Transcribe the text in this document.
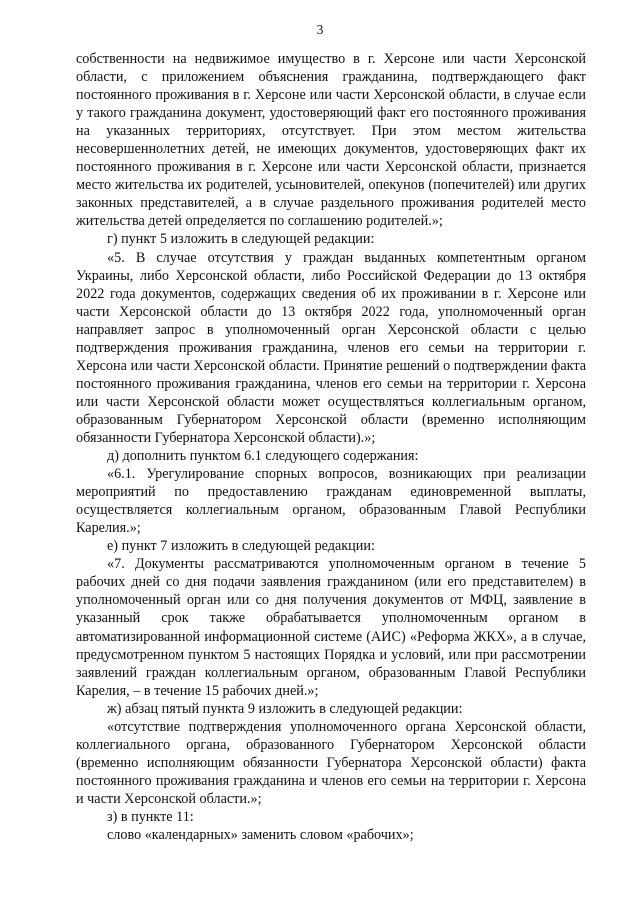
3

собственности на недвижимое имущество в г. Херсоне или части Херсонской области, с приложением объяснения гражданина, подтверждающего факт постоянного проживания в г. Херсоне или части Херсонской области, в случае если у такого гражданина документ, удостоверяющий факт его постоянного проживания на указанных территориях, отсутствует. При этом местом жительства несовершеннолетних детей, не имеющих документов, удостоверяющих факт их постоянного проживания в г. Херсоне или части Херсонской области, признается место жительства их родителей, усыновителей, опекунов (попечителей) или других законных представителей, а в случае раздельного проживания родителей место жительства детей определяется по соглашению родителей.»;

г) пункт 5 изложить в следующей редакции:

«5. В случае отсутствия у граждан выданных компетентным органом Украины, либо Херсонской области, либо Российской Федерации до 13 октября 2022 года документов, содержащих сведения об их проживании в г. Херсоне или части Херсонской области до 13 октября 2022 года, уполномоченный орган направляет запрос в уполномоченный орган Херсонской области с целью подтверждения проживания гражданина, членов его семьи на территории г. Херсона или части Херсонской области. Принятие решений о подтверждении факта постоянного проживания гражданина, членов его семьи на территории г. Херсона или части Херсонской области может осуществляться коллегиальным органом, образованным Губернатором Херсонской области (временно исполняющим обязанности Губернатора Херсонской области).»;

д) дополнить пунктом 6.1 следующего содержания:

«6.1. Урегулирование спорных вопросов, возникающих при реализации мероприятий по предоставлению гражданам единовременной выплаты, осуществляется коллегиальным органом, образованным Главой Республики Карелия.»;

е) пункт 7 изложить в следующей редакции:

«7. Документы рассматриваются уполномоченным органом в течение 5 рабочих дней со дня подачи заявления гражданином (или его представителем) в уполномоченный орган или со дня получения документов от МФЦ, заявление в указанный срок также обрабатывается уполномоченным органом в автоматизированной информационной системе (АИС) «Реформа ЖКХ», а в случае, предусмотренном пунктом 5 настоящих Порядка и условий, или при рассмотрении заявлений граждан коллегиальным органом, образованным Главой Республики Карелия, – в течение 15 рабочих дней.»;

ж) абзац пятый пункта 9 изложить в следующей редакции:

«отсутствие подтверждения уполномоченного органа Херсонской области, коллегиального органа, образованного Губернатором Херсонской области (временно исполняющим обязанности Губернатора Херсонской области) факта постоянного проживания гражданина и членов его семьи на территории г. Херсона и части Херсонской области.»;

з) в пункте 11:

слово «календарных» заменить словом «рабочих»;
